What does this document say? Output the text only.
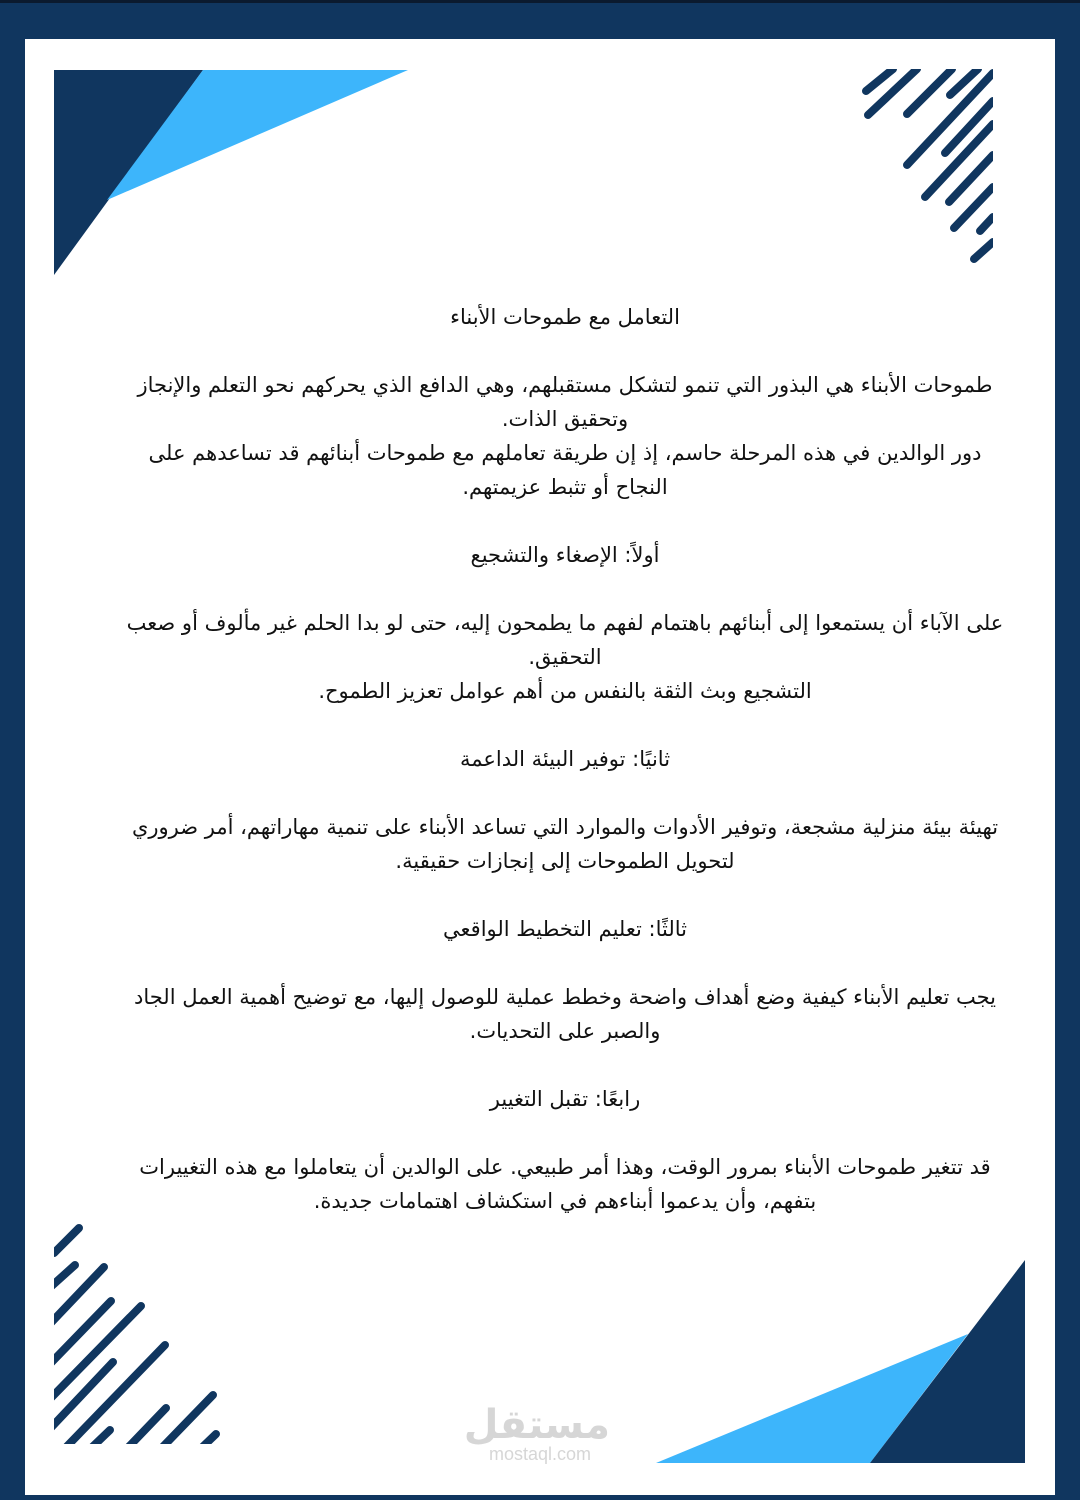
التعامل مع طموحات الأبناء

طموحات الأبناء هي البذور التي تنمو لتشكل مستقبلهم، وهي الدافع الذي يحركهم نحو التعلم والإنجاز وتحقيق الذات.

دور الوالدين في هذه المرحلة حاسم، إذ إن طريقة تعاملهم مع طموحات أبنائهم قد تساعدهم على النجاح أو تثبط عزيمتهم.

أولاً: الإصغاء والتشجيع

على الآباء أن يستمعوا إلى أبنائهم باهتمام لفهم ما يطمحون إليه، حتى لو بدا الحلم غير مألوف أو صعب التحقيق.

التشجيع وبث الثقة بالنفس من أهم عوامل تعزيز الطموح.

ثانيًا: توفير البيئة الداعمة

تهيئة بيئة منزلية مشجعة، وتوفير الأدوات والموارد التي تساعد الأبناء على تنمية مهاراتهم، أمر ضروري لتحويل الطموحات إلى إنجازات حقيقية.

ثالثًا: تعليم التخطيط الواقعي

يجب تعليم الأبناء كيفية وضع أهداف واضحة وخطط عملية للوصول إليها، مع توضيح أهمية العمل الجاد والصبر على التحديات.

رابعًا: تقبل التغيير

قد تتغير طموحات الأبناء بمرور الوقت، وهذا أمر طبيعي. على الوالدين أن يتعاملوا مع هذه التغييرات بتفهم، وأن يدعموا أبناءهم في استكشاف اهتمامات جديدة.

مستقل
mostaql.com
